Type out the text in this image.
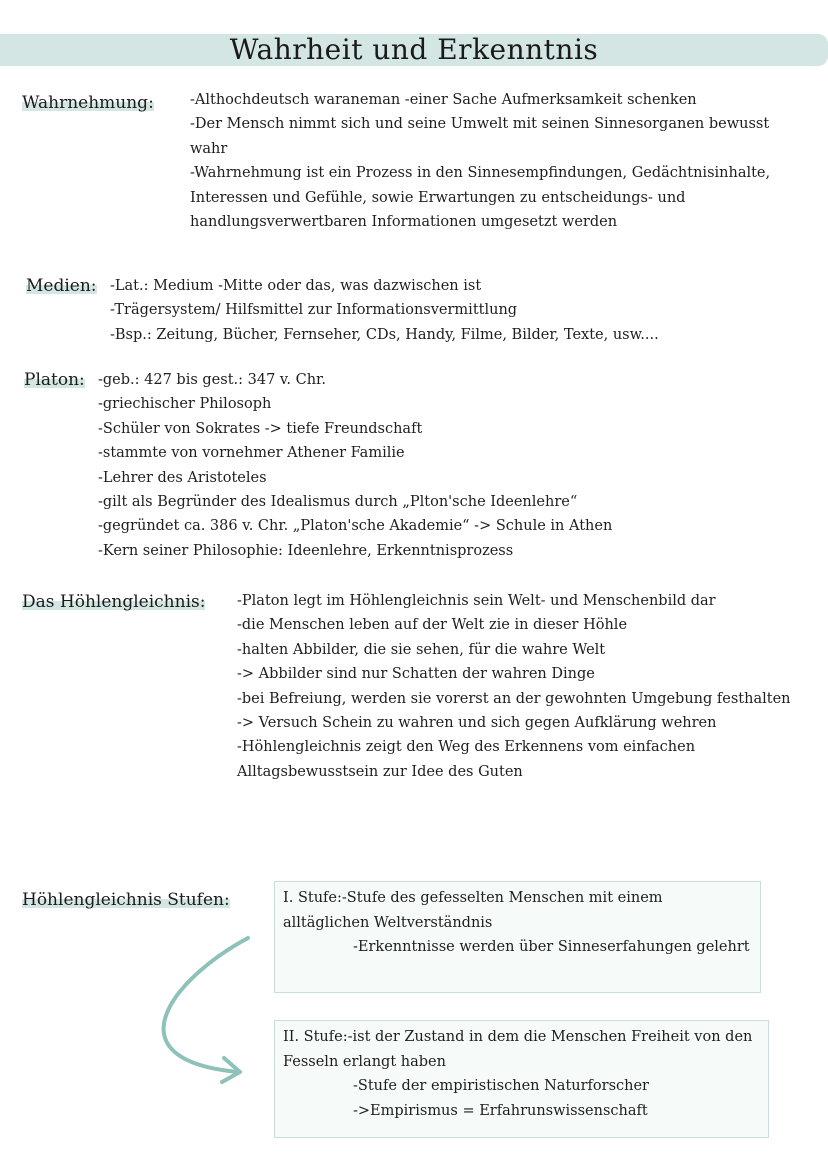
Wahrheit und Erkenntnis
Wahrnehmung: -Althochdeutsch waraneman -einer Sache Aufmerksamkeit schenken

-Der Mensch nimmt sich und seine Umwelt mit seinen Sinnesorganen bewusst wahr

-Wahrnehmung ist ein Prozess in den Sinnesempfindungen, Gedächtnisinhalte, Interessen und Gefühle, sowie Erwartungen zu entscheidungs- und handlungsverwertbaren Informationen umgesetzt werden

Medien: -Lat.: Medium -Mitte oder das, was dazwischen ist

-Trägersystem/ Hilfsmittel zur Informationsvermittlung

-Bsp.: Zeitung, Bücher, Fernseher, CDs, Handy, Filme, Bilder, Texte, usw....

Platon: -geb.: 427 bis gest.: 347 v. Chr.

-griechischer Philosoph

-Schüler von Sokrates -> tiefe Freundschaft

-stammte von vornehmer Athener Familie

-Lehrer des Aristoteles

-gilt als Begründer des Idealismus durch „Plton'sche Ideenlehre“

-gegründet ca. 386 v. Chr. „Platon'sche Akademie“ -> Schule in Athen

-Kern seiner Philosophie: Ideenlehre, Erkenntnisprozess

Das Höhlengleichnis: -Platon legt im Höhlengleichnis sein Welt- und Menschenbild dar

-die Menschen leben auf der Welt zie in dieser Höhle

-halten Abbilder, die sie sehen, für die wahre Welt

-> Abbilder sind nur Schatten der wahren Dinge

-bei Befreiung, werden sie vorerst an der gewohnten Umgebung festhalten

-> Versuch Schein zu wahren und sich gegen Aufklärung wehren

-Höhlengleichnis zeigt den Weg des Erkennens vom einfachen Alltagsbewusstsein zur Idee des Guten

Höhlengleichnis Stufen:	I. Stufe:-Stufe des gefesselten Menschen mit einem alltäglichen Weltverständnis

-Erkenntnisse werden über Sinneserfahungen gelehrt

II. Stufe:-ist der Zustand in dem die Menschen Freiheit von den Fesseln erlangt haben

-Stufe der empiristischen Naturforscher

->Empirismus = Erfahrunswissenschaft
